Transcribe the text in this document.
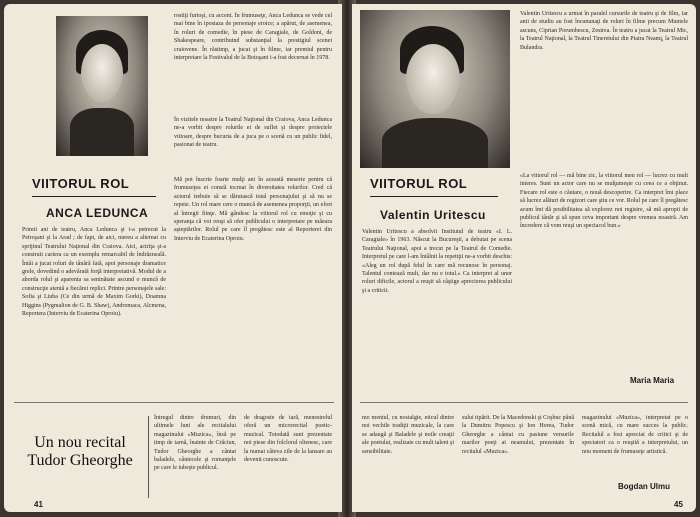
rostiţi furioşi, cu accent. În frumuseţe, Anca Ledunca se vede cel mai bine în ipostaza de personaje eroice; a apărut, de asemenea, în roluri de comedie, în piese de Caragiale, de Goldoni, de Shakespeare, contribuind substanţial la prestigiul scenei craiovene. În răstimp, a jucat şi în filme, iar premiul pentru interpretare la Festivalul de la Botoşani i-a fost decernat în 1978.
În vizitele noastre la Teatrul Naţional din Craiova, Anca Ledunca ne-a vorbit despre rolurile ei de suflet şi despre proiectele viitoare, despre bucuria de a juca pe o scenă cu un public fidel, pasionat de teatru.
VIITORUL ROL
ANCA LEDUNCA
Primii ani de teatru, Anca Ledunca şi i-a petrecut la Petroşani şi la Arad ; de fapt, de aici, mereu a alternat cu sprijinul Teatrului Naţional din Craiova. Aici, actriţa şi-a construit cariera ca un exemplu remarcabil de îndrăzneală. Întâi a jucat roluri de tânără fată, apoi personaje dramatice grele, dovedind o adevărată forţă interpretativă. Modul de a aborda rolul şi aparenta sa seninătate ascund o muncă de construcţie atentă a fiecărei replici. Printre personajele sale: Sofia şi Liuba (Ce din urmă de Maxim Gorki), Doamna Higgins (Pygmalion de G. B. Shaw), Andromaca, Alcmena, Reportera (Interviu de Ecaterina Oproiu).
Mă pot înscrie foarte mulţi ani în această meserie pentru că frumuseţea ei constă tocmai în diversitatea rolurilor. Cred că actorul trebuie să se dăruiască total personajului şi să nu se repete. Un rol mare cere o muncă de asemenea proporţii, un efort al întregii fiinţe. Mă gândesc la viitorul rol cu emoţie şi cu speranţa că voi reuşi să ofer publicului o interpretare pe măsura aşteptărilor. Rolul pe care îl pregătesc este al Reporterei din Interviu de Ecaterina Oproiu.
Un nou recital Tudor Gheorghe
Întregul dintre drumuri, din ultimele luni ale recitalului magazinului «Muzica», însă pe timp de iarnă, înainte de Crăciun, Tudor Gheorghe a cântat baladele, cântecele şi romanţele pe care le iubeşte publicul.
de dragoste de tară, menestrelul oferă un microrecital poetic-muzical. Totodată sunt prezentate noi piese din folclorul oltenesc, care la numai câteva zile de la lansare au devenit cunoscute.
41
Valentin Uritescu a urmat în paralel cursurile de teatru şi de film, iar anii de studiu au fost încununaţi de roluri în filme precum Muntele ascuns, Ciprian Porumbescu, Zestrea. În teatru a jucat la Teatrul Mic, la Teatrul Naţional, la Teatrul Tineretului din Piatra Neamţ, la Teatrul Bulandra.
VIITORUL ROL
Valentin Uritescu
Valentin Uritescu a absolvit Institutul de teatru «I. L. Caragiale» în 1963. Născut la Bucureşti, a debutat pe scena Teatrului Naţional, apoi a trecut pe la Teatrul de Comedie. Interpretul pe care l-am întâlnit la repetiţii ne-a vorbit deschis: «Aleg un rol după felul în care mă recunosc în personaj. Talentul contează mult, dar nu e totul.» Ca interpret al unor roluri dificile, actorul a reuşit să câştige aprecierea publicului şi a criticii.
«La viitorul rol — mă bine zic, la viitorul meu rol — lucrez cu mult interes. Sunt un actor care nu se mulţumeşte cu ceea ce a obţinut. Fiecare rol este o căutare, o nouă descoperire. Ca interpret îmi place să lucrez alături de regizori care ştiu ce vor. Rolul pe care îl pregătesc acum îmi dă posibilitatea să explorez noi registre, să mă apropii de publicul tânăr şi să spun ceva important despre vremea noastră. Am încredere că vom reuşi un spectacol bun.»
Maria Maria
mo mentul, cu nostalgie, eticul dintre noi vechile tradiţii muzicale, la care se adaugă şi Baladele şi noile creaţii ale poetului, realizate cu mult talent şi sensibilitate.
sului tipărit. De la Macedonski şi Coşbuc până la Dumitru Popescu şi Ion Horea, Tudor Gheorghe a cântat cu pasiune versurile marilor poeţi ai neamului, prezentate în recitalul «Muzica».
magazinului «Muzica», interpretat pe o scenă mică, cu mare succes la public. Recitalul a fost apreciat de critici şi de spectatori ca o reuşită a interpretului, un nou moment de frumuseţe artistică.
Bogdan Ulmu
45
